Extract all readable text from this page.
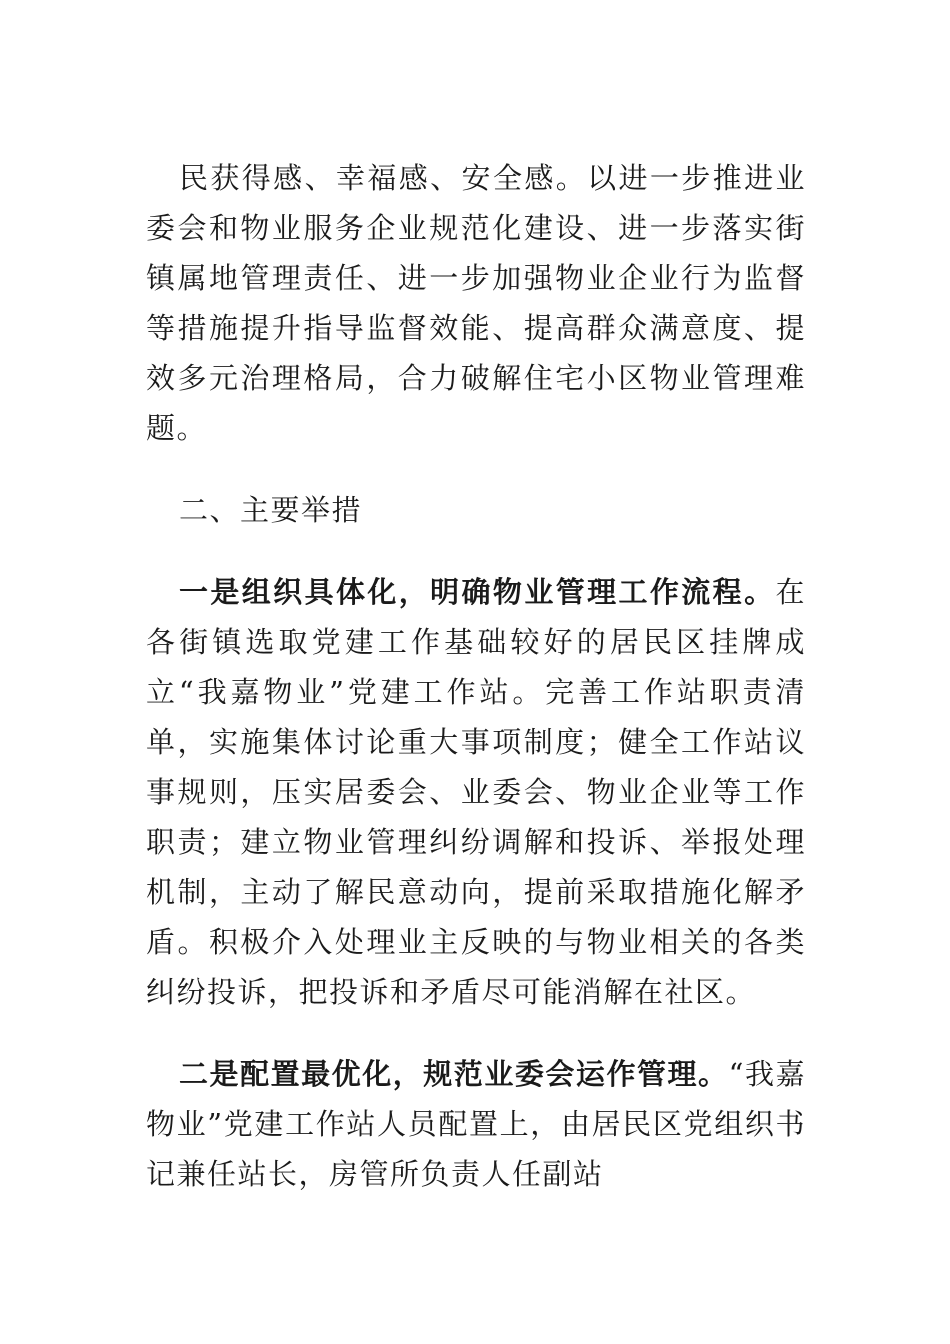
民获得感、幸福感、安全感。以进一步推进业委会和物业服务企业规范化建设、进一步落实街镇属地管理责任、进一步加强物业企业行为监督等措施提升指导监督效能、提高群众满意度、提效多元治理格局，合力破解住宅小区物业管理难题。

二、主要举措

一是组织具体化，明确物业管理工作流程。在各街镇选取党建工作基础较好的居民区挂牌成立“我嘉物业”党建工作站。完善工作站职责清单，实施集体讨论重大事项制度；健全工作站议事规则，压实居委会、业委会、物业企业等工作职责；建立物业管理纠纷调解和投诉、举报处理机制，主动了解民意动向，提前采取措施化解矛盾。积极介入处理业主反映的与物业相关的各类纠纷投诉，把投诉和矛盾尽可能消解在社区。

二是配置最优化，规范业委会运作管理。“我嘉物业”党建工作站人员配置上，由居民区党组织书记兼任站长，房管所负责人任副站
